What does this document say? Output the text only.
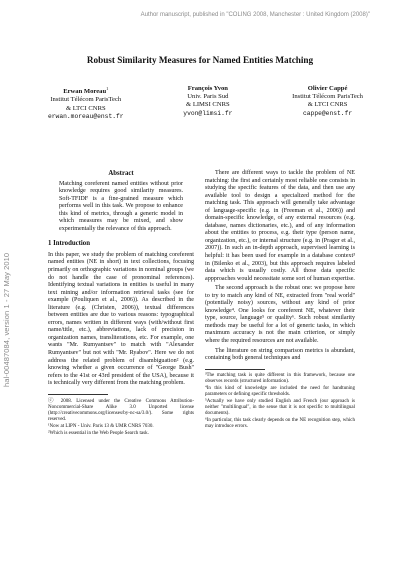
Author manuscript, published in "COLING 2008, Manchester : United Kingdom (2008)"
hal-00487084, version 1 - 27 May 2010
Robust Similarity Measures for Named Entities Matching
Erwan Moreau$^1$
Institut Télécom ParisTech
& LTCI CNRS
erwan.moreau@enst.fr
François Yvon
Univ. Paris Sud
& LIMSI CNRS
yvon@limsi.fr
Olivier Cappé
Institut Télécom ParisTech
& LTCI CNRS
cappe@enst.fr
Abstract

Matching coreferent named entities without prior knowledge requires good similarity measures. Soft-TFIDF is a fine-grained measure which performs well in this task. We propose to enhance this kind of metrics, through a generic model in which measures may be mixed, and show experimentally the relevance of this approach.

1 Introduction

In this paper, we study the problem of matching coreferent named entities (NE in short) in text collections, focusing primarily on orthographic variations in nominal groups (we do not handle the case of pronominal references). Identifying textual variations in entities is useful in many text mining and/or information retrieval tasks (see for example (Pouliquen et al., 2006)). As described in the literature (e.g. (Christen, 2006)), textual differences between entities are due to various reasons: typographical errors, names written in different ways (with/without first name/title, etc.), abbreviations, lack of precision in organization names, transliterations, etc. For example, one wants "Mr. Rumyantsev" to match with "Alexander Rumyantsev" but not with "Mr. Ryabov". Here we do not address the related problem of disambiguation² (e.g. knowing whether a given occurrence of "George Bush" refers to the 41st or 43rd president of the USA), because it is technically very different from the matching problem.

ⓒ 2008. Licensed under the Creative Commons Attribution-Noncommercial-Share Alike 3.0 Unported license (http://creativecommons.org/licenses/by-nc-sa/3.0/). Some rights reserved.
¹Now at LIPN - Univ. Paris 13 & UMR CNRS 7030.
²Which is essential in the Web People Search task.

There are different ways to tackle the problem of NE matching: the first and certainly most reliable one consists in studying the specific features of the data, and then use any available tool to design a specialized method for the matching task. This approach will generally take advantage of language-specific (e.g. in (Freeman et al., 2006)) and domain-specific knowledge, of any external resources (e.g. database, names dictionaries, etc.), and of any information about the entities to process, e.g. their type (person name, organization, etc.), or internal structure (e.g. in (Prager et al., 2007)). In such an in-depth approach, supervised learning is helpful: it has been used for example in a database context³ in (Bilenko et al., 2003), but this approach requires labeled data which is usually costly. All those data specific appproaches would necessitate some sort of human expertise.

The second approach is the robust one: we propose here to try to match any kind of NE, extracted from "real world" (potentially noisy) sources, without any kind of prior knowledge⁴. One looks for coreferent NE, whatever their type, source, language⁵ or quality⁶. Such robust similarity methods may be useful for a lot of generic tasks, in which maximum accuracy is not the main criterion, or simply where the required resources are not available.

The literature on string comparison metrics is abundant, containing both general techniques and

³The matching task is quite different in this framework, because one observes records (structured information).
⁴In this kind of knowledge are included the need for handtuning parameters or defining specific thresholds.
⁵Actually we have only studied English and French (our approach is neither "multilingual", in the sense that it is not specific to multilingual documents).
⁶In particular, this task clearly depends on the NE recognition step, which may introduce errors.
